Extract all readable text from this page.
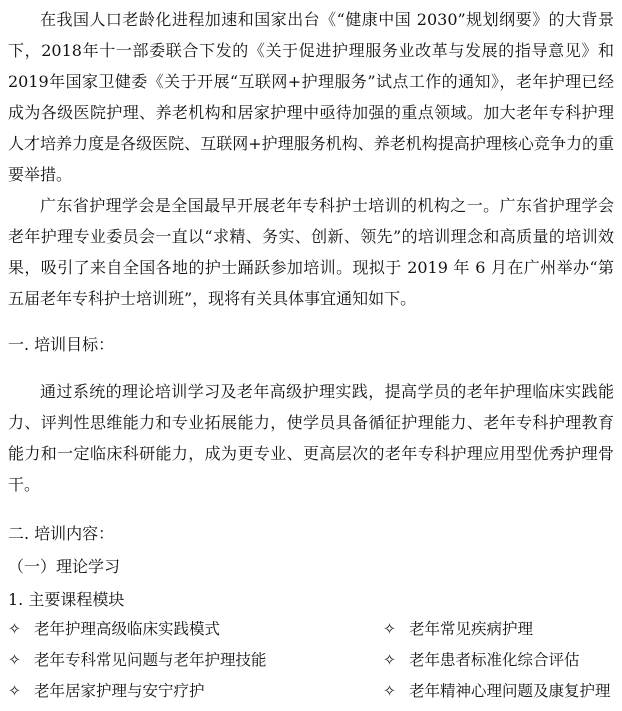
在我国人口老龄化进程加速和国家出台《“健康中国 2030”规划纲要》的大背景下，2018年十一部委联合下发的《关于促进护理服务业改革与发展的指导意见》和 2019年国家卫健委《关于开展“互联网+护理服务”试点工作的通知》，老年护理已经成为各级医院护理、养老机构和居家护理中亟待加强的重点领域。加大老年专科护理人才培养力度是各级医院、互联网+护理服务机构、养老机构提高护理核心竞争力的重要举措。

广东省护理学会是全国最早开展老年专科护士培训的机构之一。广东省护理学会老年护理专业委员会一直以“求精、务实、创新、领先”的培训理念和高质量的培训效果，吸引了来自全国各地的护士踊跃参加培训。现拟于 2019 年 6 月在广州举办“第五届老年专科护士培训班”，现将有关具体事宜通知如下。

一. 培训目标：

通过系统的理论培训学习及老年高级护理实践，提高学员的老年护理临床实践能力、评判性思维能力和专业拓展能力，使学员具备循征护理能力、老年专科护理教育能力和一定临床科研能力，成为更专业、更高层次的老年专科护理应用型优秀护理骨干。

二. 培训内容：

（一）理论学习

1. 主要课程模块

✧ 老年护理高级临床实践模式	✧ 老年常见疾病护理
✧ 老年专科常见问题与老年护理技能	✧ 老年患者标准化综合评估
✧ 老年居家护理与安宁疗护	✧ 老年精神心理问题及康复护理
